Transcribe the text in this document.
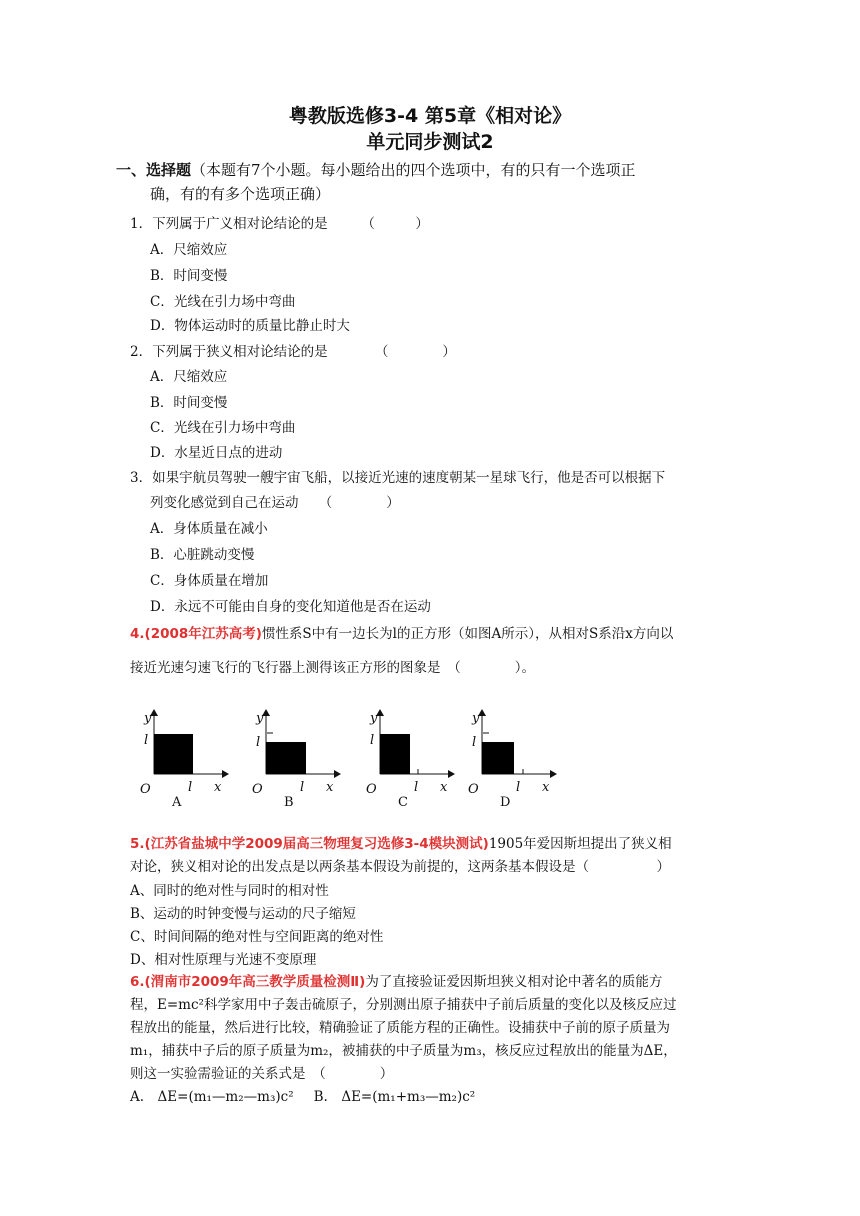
粤教版选修3-4 第5章《相对论》
单元同步测试2
一、选择题（本题有7个小题。每小题给出的四个选项中，有的只有一个选项正
确，有的有多个选项正确）
1．下列属于广义相对论结论的是　　　（　　　）
A．尺缩效应
B．时间变慢
C．光线在引力场中弯曲
D．物体运动时的质量比静止时大
2．下列属于狭义相对论结论的是　　　　（　　　　）
A．尺缩效应
B．时间变慢
C．光线在引力场中弯曲
D．水星近日点的进动
3．如果宇航员驾驶一艘宇宙飞船，以接近光速的速度朝某一星球飞行，他是否可以根据下
列变化感觉到自己在运动　　（　　　　）
A．身体质量在减小
B．心脏跳动变慢
C．身体质量在增加
D．永远不可能由自身的变化知道他是否在运动
4.(2008年江苏高考)惯性系S中有一边长为l的正方形（如图A所示），从相对S系沿x方向以
接近光速匀速飞行的飞行器上测得该正方形的图象是　（　　　　）。
y
l
O	l x
A
y
l
O	l x
B
y
l
O	l x
C
y
l
O	l x
D
5.(江苏省盐城中学2009届高三物理复习选修3-4模块测试)1905年爱因斯坦提出了狭义相
对论，狭义相对论的出发点是以两条基本假设为前提的，这两条基本假设是（　　　　　）
A、同时的绝对性与同时的相对性
B、运动的时钟变慢与运动的尺子缩短
C、时间间隔的绝对性与空间距离的绝对性
D、相对性原理与光速不变原理
6.(渭南市2009年高三教学质量检测Ⅱ)为了直接验证爱因斯坦狭义相对论中著名的质能方
程，E=mc²科学家用中子轰击硫原子，分别测出原子捕获中子前后质量的变化以及核反应过
程放出的能量，然后进行比较，精确验证了质能方程的正确性。设捕获中子前的原子质量为
m₁，捕获中子后的原子质量为m₂，被捕获的中子质量为m₃，核反应过程放出的能量为ΔE，
则这一实验需验证的关系式是　（　　　　）
A.　ΔE=(m₁—m₂—m₃)c² B.　ΔE=(m₁+m₃—m₂)c²
